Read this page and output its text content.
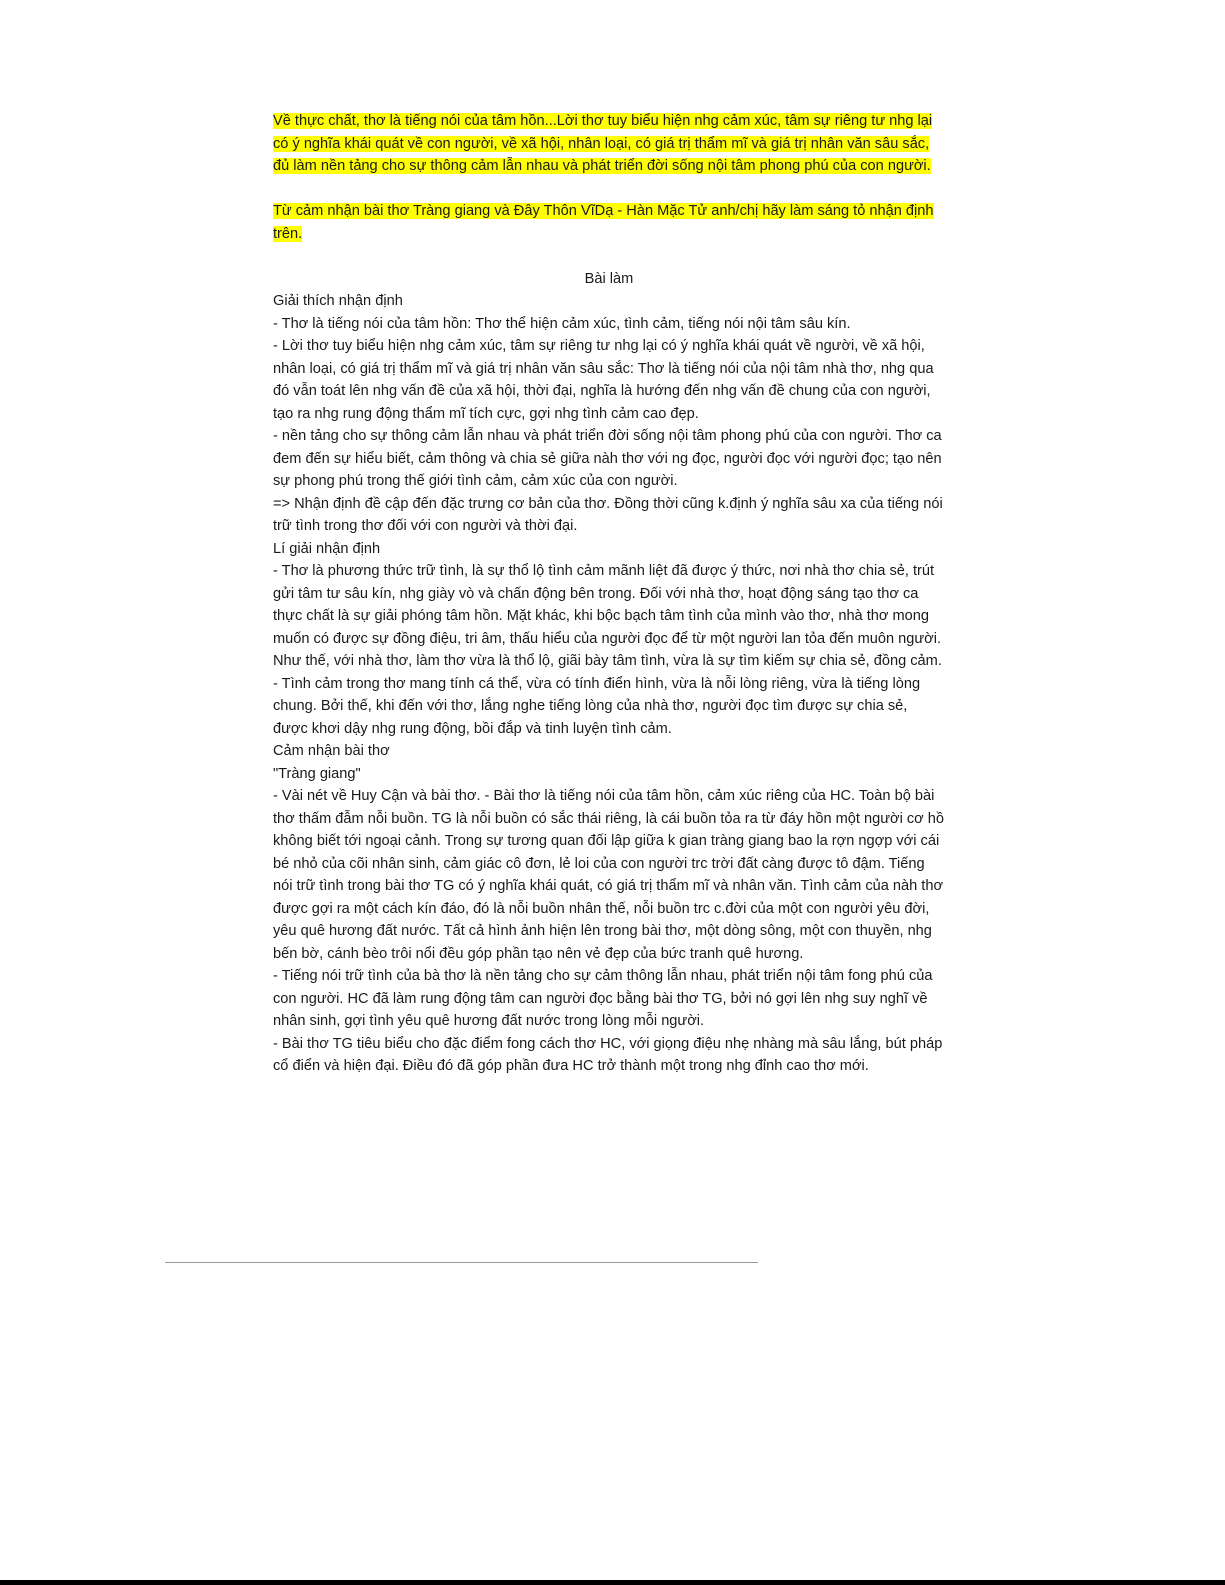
Về thực chất, thơ là tiếng nói của tâm hồn...Lời thơ tuy biểu hiện nhg cảm xúc, tâm sự riêng tư nhg lại có ý nghĩa khái quát về con người, về xã hội, nhân loại, có giá trị thẩm mĩ và giá trị nhân văn sâu sắc, đủ làm nền tảng cho sự thông cảm lẫn nhau và phát triển đời sống nội tâm phong phú của con người.

Từ cảm nhận bài thơ Tràng giang và Đây Thôn VĩDạ - Hàn Mặc Tử anh/chị hãy làm sáng tỏ nhận định trên.

Bài làm

Giải thích nhận định

- Thơ là tiếng nói của tâm hồn: Thơ thể hiện cảm xúc, tình cảm, tiếng nói nội tâm sâu kín.

- Lời thơ tuy biểu hiện nhg cảm xúc, tâm sự riêng tư nhg lại có ý nghĩa khái quát về người, về xã hội, nhân loại, có giá trị thẩm mĩ và giá trị nhân văn sâu sắc: Thơ là tiếng nói của nội tâm nhà thơ, nhg qua đó vẫn toát lên nhg vấn đề của xã hội, thời đại, nghĩa là hướng đến nhg vấn đề chung của con người, tạo ra nhg rung động thẩm mĩ tích cực, gợi nhg tình cảm cao đẹp.

- nền tảng cho sự thông cảm lẫn nhau và phát triển đời sống nội tâm phong phú của con người. Thơ ca đem đến sự hiểu biết, cảm thông và chia sẻ giữa nàh thơ với ng đọc, người đọc với người đọc; tạo nên sự phong phú trong thế giới tình cảm, cảm xúc của con người.

=> Nhận định đề cập đến đặc trưng cơ bản của thơ. Đồng thời cũng k.định ý nghĩa sâu xa của tiếng nói trữ tình trong thơ đối với con người và thời đại.

Lí giải nhận định

- Thơ là phương thức trữ tình, là sự thổ lộ tình cảm mãnh liệt đã được ý thức, nơi nhà thơ chia sẻ, trút gửi tâm tư sâu kín, nhg giày vò và chấn động bên trong. Đối với nhà thơ, hoạt động sáng tạo thơ ca thực chất là sự giải phóng tâm hồn. Mặt khác, khi bộc bạch tâm tình của mình vào thơ, nhà thơ mong muốn có được sự đồng điệu, tri âm, thấu hiểu của người đọc để từ một người lan tỏa đến muôn người. Như thế, với nhà thơ, làm thơ vừa là thổ lộ, giãi bày tâm tình, vừa là sự tìm kiếm sự chia sẻ, đồng cảm.

- Tình cảm trong thơ mang tính cá thể, vừa có tính điển hình, vừa là nỗi lòng riêng, vừa là tiếng lòng chung. Bởi thế, khi đến với thơ, lắng nghe tiếng lòng của nhà thơ, người đọc tìm được sự chia sẻ, được khơi dậy nhg rung động, bồi đắp và tinh luyện tình cảm.

Cảm nhận bài thơ

"Tràng giang"

- Vài nét về Huy Cận và bài thơ. - Bài thơ là tiếng nói của tâm hồn, cảm xúc riêng của HC. Toàn bộ bài thơ thấm đẫm nỗi buồn. TG là nỗi buồn có sắc thái riêng, là cái buồn tỏa ra từ đáy hồn một người cơ hồ không biết tới ngoại cảnh. Trong sự tương quan đối lập giữa k gian tràng giang bao la rợn ngợp với cái bé nhỏ của cõi nhân sinh, cảm giác cô đơn, lẻ loi của con người trc trời đất càng được tô đậm. Tiếng nói trữ tình trong bài thơ TG có ý nghĩa khái quát, có giá trị thẩm mĩ và nhân văn. Tình cảm của nàh thơ được gợi ra một cách kín đáo, đó là nỗi buồn nhân thế, nỗi buồn trc c.đời của một con người yêu đời, yêu quê hương đất nước. Tất cả hình ảnh hiện lên trong bài thơ, một dòng sông, một con thuyền, nhg bến bờ, cánh bèo trôi nổi đều góp phần tạo nên vẻ đẹp của bức tranh quê hương.

- Tiếng nói trữ tình của bà thơ là nền tảng cho sự cảm thông lẫn nhau, phát triển nội tâm fong phú của con người. HC đã làm rung động tâm can người đọc bằng bài thơ TG, bởi nó gợi lên nhg suy nghĩ về nhân sinh, gợi tình yêu quê hương đất nước trong lòng mỗi người.

- Bài thơ TG tiêu biểu cho đặc điểm fong cách thơ HC, với giọng điệu nhẹ nhàng mà sâu lắng, bút pháp cổ điển và hiện đại. Điều đó đã góp phần đưa HC trở thành một trong nhg đỉnh cao thơ mới.
